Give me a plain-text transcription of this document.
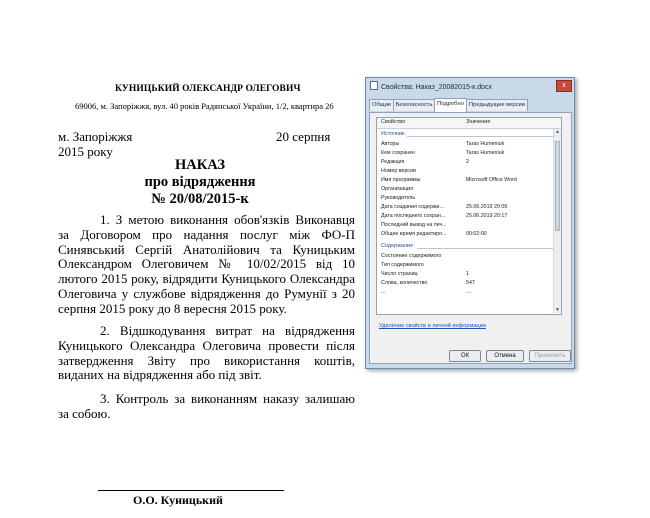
КУНИЦЬКИЙ ОЛЕКСАНДР ОЛЕГОВИЧ
69006, м. Запоріжжя, вул. 40 років Радянської України, 1/2, квартира 26
м. Запоріжжя	20 серпня
2015 року
НАКАЗ
про відрядження
№ 20/08/2015-к
1. З метою виконання обов'язків Виконавця за Договором про надання послуг між ФО-П Синявський Сергій Анатолійович та Куницьким Олександром Олеговичем № 10/02/2015 від 10 лютого 2015 року, відрядити Куницького Олександра Олеговича у службове відрядження до Румунії з 20 серпня 2015 року до 8 вересня 2015 року.
2. Відшкодування витрат на відрядження Куницького Олександра Олеговича провести після затвердження Звіту про використання коштів, виданих на відрядження або під звіт.
3. Контроль за виконанням наказу залишаю за собою.
О.О. Куницький
Свойства: Наказ_20082015-к.docx	x
Общие Безопасность Подробно Предыдущие версии
Свойство	Значение
Источник
Авторы	Taras Humeniuk
Кем сохранен	Taras Humeniuk
Редакция	2
Номер версии
Имя программы	Microsoft Office Word
Организация
Руководитель
Дата создания содержи...	25.06.2019 20:09
Дата последнего сохран...	25.06.2019 20:17
Последний вывод на печ...
Общее время редактиро...	00:02:00
Содержание
Состояние содержимого
Тип содержимого
Число страниц	1
Слова, количество	547
...	....
▲
▼
Удаление свойств и личной информации
ОК	Отмена	Применить
